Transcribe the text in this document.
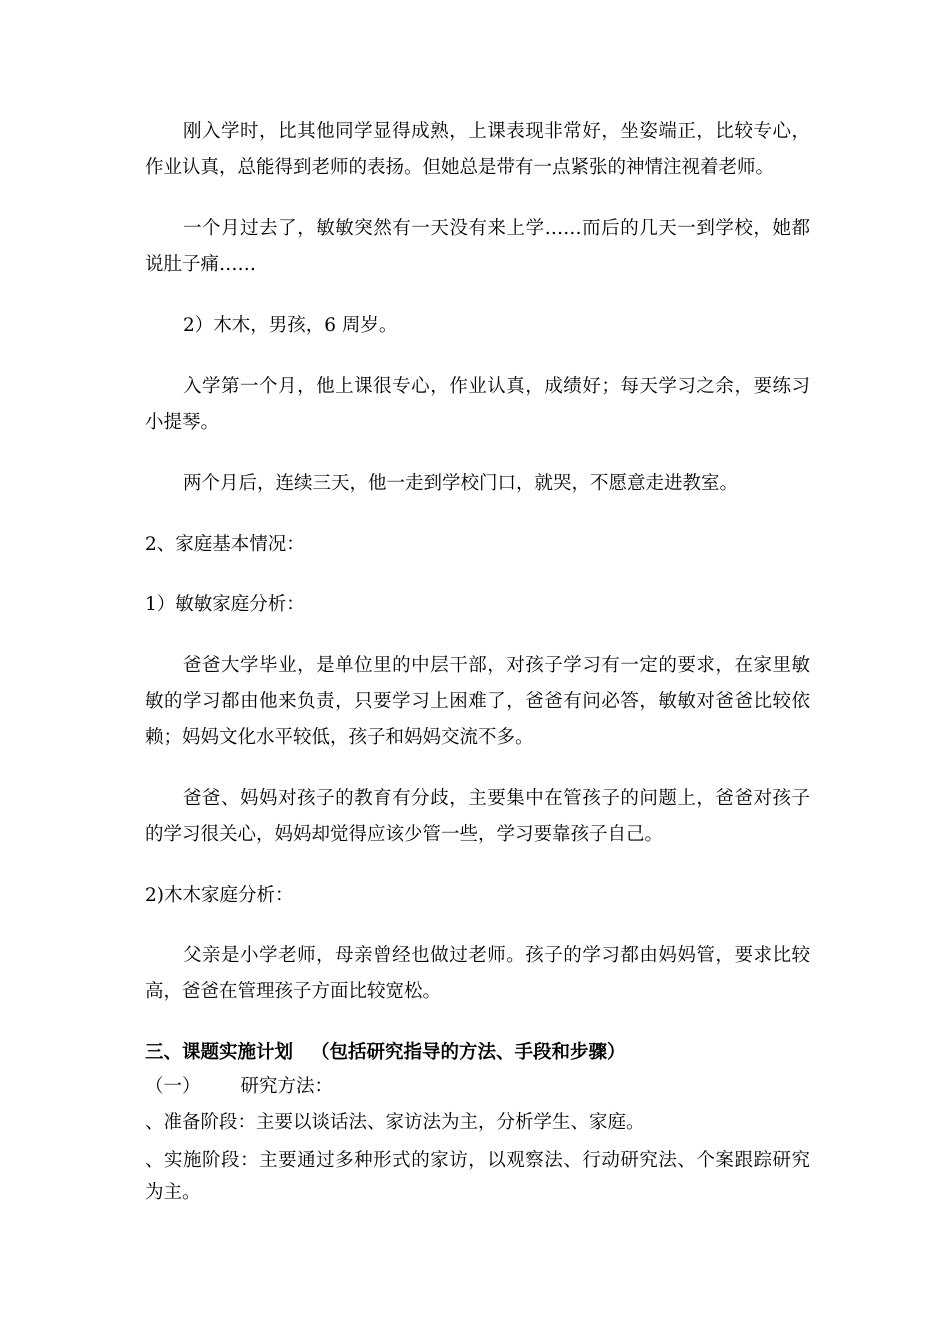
刚入学时，比其他同学显得成熟，上课表现非常好，坐姿端正，比较专心，作业认真，总能得到老师的表扬。但她总是带有一点紧张的神情注视着老师。

一个月过去了，敏敏突然有一天没有来上学……而后的几天一到学校，她都说肚子痛……

2）木木，男孩，6 周岁。

入学第一个月，他上课很专心，作业认真，成绩好；每天学习之余，要练习小提琴。

两个月后，连续三天，他一走到学校门口，就哭，不愿意走进教室。

2、家庭基本情况：

1）敏敏家庭分析：

爸爸大学毕业，是单位里的中层干部，对孩子学习有一定的要求，在家里敏敏的学习都由他来负责，只要学习上困难了，爸爸有问必答，敏敏对爸爸比较依赖；妈妈文化水平较低，孩子和妈妈交流不多。

爸爸、妈妈对孩子的教育有分歧，主要集中在管孩子的问题上，爸爸对孩子的学习很关心，妈妈却觉得应该少管一些，学习要靠孩子自己。

2)木木家庭分析：

父亲是小学老师，母亲曾经也做过老师。孩子的学习都由妈妈管，要求比较高，爸爸在管理孩子方面比较宽松。

三、课题实施计划 （包括研究指导的方法、手段和步骤）

（一） 研究方法：

、准备阶段：主要以谈话法、家访法为主，分析学生、家庭。

、实施阶段：主要通过多种形式的家访，以观察法、行动研究法、个案跟踪研究为主。
